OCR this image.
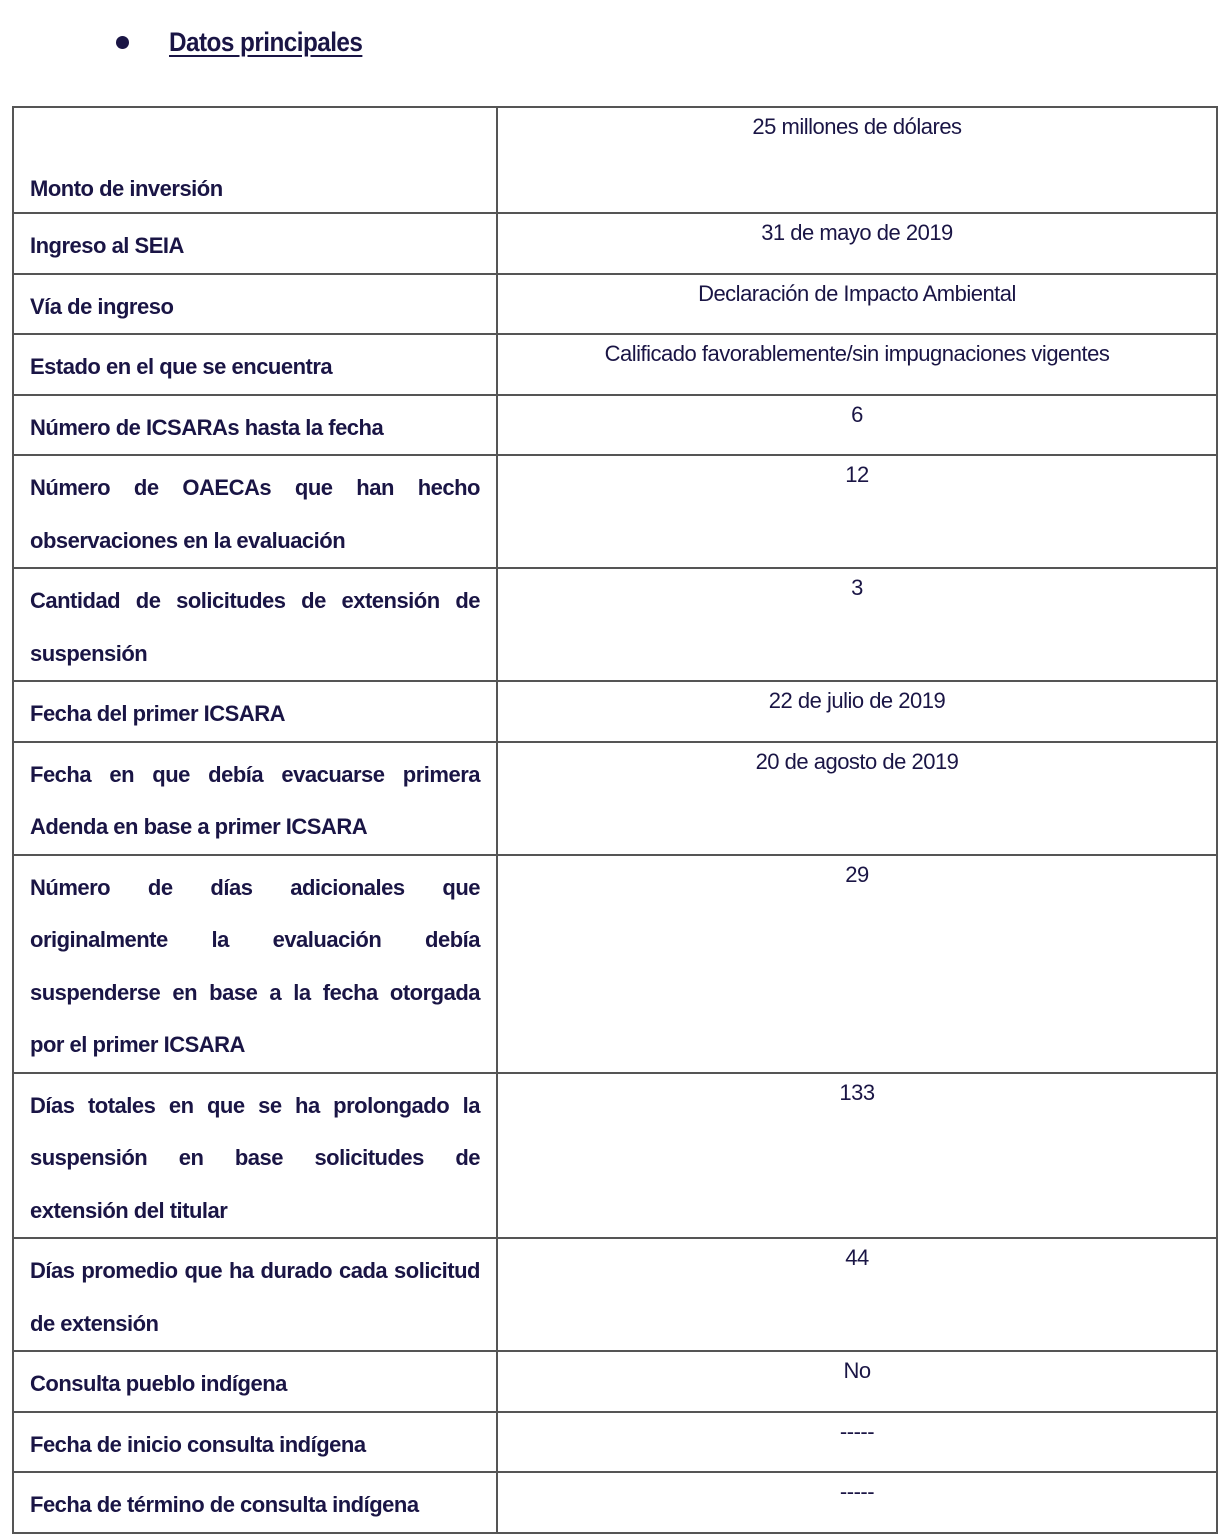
Datos principales
Monto de inversión	25 millones de dólares
Ingreso al SEIA	31 de mayo de 2019
Vía de ingreso	Declaración de Impacto Ambiental
Estado en el que se encuentra	Calificado favorablemente/sin impugnaciones vigentes
Número de ICSARAs hasta la fecha	6
Número de OAECAs que han hecho observaciones en la evaluación	12
Cantidad de solicitudes de extensión de suspensión	3
Fecha del primer ICSARA	22 de julio de 2019
Fecha en que debía evacuarse primera Adenda en base a primer ICSARA	20 de agosto de 2019
Número de días adicionales que originalmente la evaluación debía suspenderse en base a la fecha otorgada por el primer ICSARA	29
Días totales en que se ha prolongado la suspensión en base solicitudes de extensión del titular	133
Días promedio que ha durado cada solicitud de extensión	44
Consulta pueblo indígena	No
Fecha de inicio consulta indígena	-----
Fecha de término de consulta indígena	-----
